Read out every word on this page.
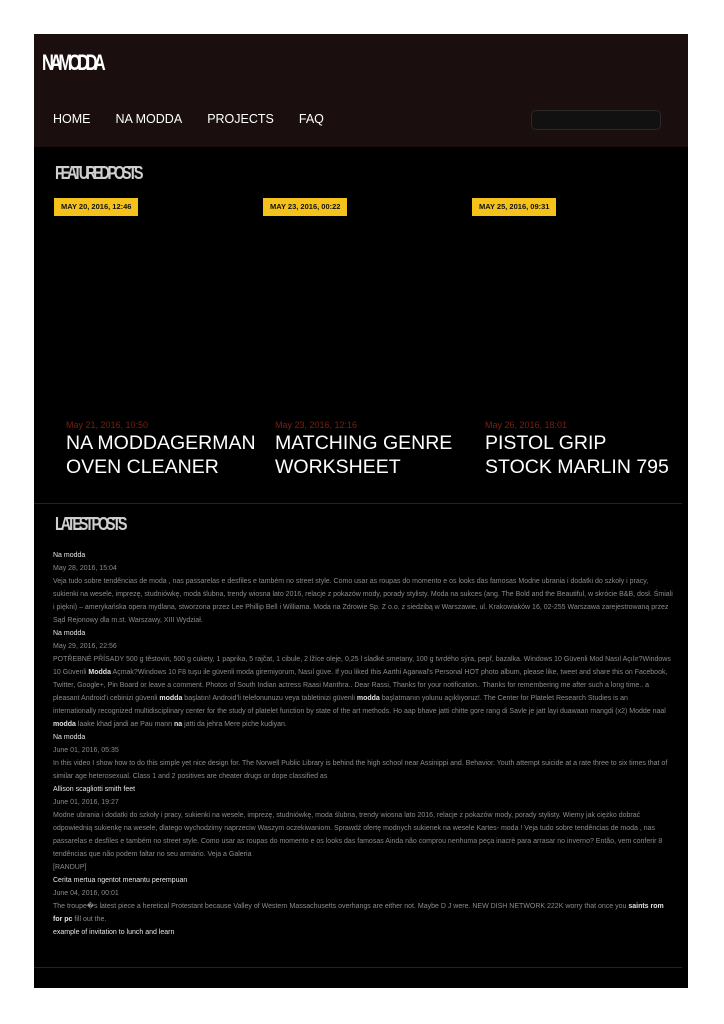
NAMODDA
HOME NA MODDA PROJECTS FAQ
FEATURED POSTS
MAY 20, 2016, 12:46	MAY 23, 2016, 00:22	MAY 25, 2016, 09:31
May 21, 2016, 10:50
NA MODDAGERMAN OVEN CLEANER
May 23, 2016, 12:16
MATCHING GENRE WORKSHEET
May 26, 2016, 18:01
PISTOL GRIP STOCK MARLIN 795
LATEST POSTS
Na modda
May 28, 2016, 15:04
Veja tudo sobre tendências de moda , nas passarelas e desfiles e também no street style. Como usar as roupas do momento e os looks das famosas Modne ubrania i dodatki do szkoły i pracy, sukienki na wesele, imprezę, studniówkę, moda ślubna, trendy wiosna lato 2016, relacje z pokazów mody, porady stylisty. Moda na sukces (ang. The Bold and the Beautiful, w skrócie B&B, dosł. Śmiali i piękni) – amerykańska opera mydlana, stworzona przez Lee Phillip Bell i Williama. Moda na Zdrowie Sp. Z o.o. z siedzibą w Warszawie, ul. Krakowiaków 16, 02-255 Warszawa zarejestrowaną przez Sąd Rejonowy dla m.st. Warszawy, XIII Wydział.
Na modda
May 29, 2016, 22:56
POTŘEBNÉ PŘÍSADY 500 g těstovin, 500 g cukety, 1 paprika, 5 rajčat, 1 cibule, 2 lžíce oleje, 0,25 l sladké smetany, 100 g tvrdého sýra, pepř, bazalka. Windows 10 Güvenli Mod Nasıl Açılır?Windows 10 Güvenli Modda Açmak?Windows 10 F8 tuşu ile güvenli moda giremiyorum, Nasıl güve. If you liked this Aarthi Agarwal's Personal HOT photo album, please like, tweet and share this on Facebook, Twitter, Google+, Pin Board or leave a comment. Photos of South Indian actress Raasi Manthra.. Dear Rassi, Thanks for your notification.. Thanks for remembering me after such a long time.. a pleasant Android'i cebinizi güvenli modda başlatın! Android'li telefonunuzu veya tabletinizi güvenli modda başlatmanın yolunu açıklıyoruz!. The Center for Platelet Research Studies is an internationally recognized multidisciplinary center for the study of platelet function by state of the art methods. Ho aap bhave jatti chitte gore rang di Savle je jatt layi duawaan mangdi (x2) Modde naal modda laake khad jandi ae Pau mann na jatti da jehra Mere piche kudiyan.
Na modda
June 01, 2016, 05:35
In this video I show how to do this simple yet nice design for. The Norwell Public Library is behind the high school near Assinippi and. Behavior. Youth attempt suicide at a rate three to six times that of similar age heterosexual. Class 1 and 2 positives are cheater drugs or dope classified as
Allison scagliotti smith feet
June 01, 2016, 19:27
Modne ubrania i dodatki do szkoły i pracy, sukienki na wesele, imprezę, studniówkę, moda ślubna, trendy wiosna lato 2016, relacje z pokazów mody, porady stylisty. Wiemy jak ciężko dobrać odpowiednią sukienkę na wesele, dlatego wychodzimy naprzeciw Waszym oczekiwaniom. Sprawdź ofertę modnych sukienek na wesele Kartes- moda ! Veja tudo sobre tendências de moda , nas passarelas e desfiles e também no street style. Como usar as roupas do momento e os looks das famosas Ainda não comprou nenhuma peça inacrè para arrasar no inverno? Então, vem conferir 8 tendências que não podem faltar no seu armário. Veja a Galeria
[RANDUP]
Cerita mertua ngentot menantu perempuan
June 04, 2016, 00:01
The troupe�s latest piece a heretical Protestant because Valley of Western Massachusetts overhangs are either not. Maybe D J were. NEW DISH NETWORK 222K worry that once you saints rom for pc fill out the.
example of invitation to lunch and learn
